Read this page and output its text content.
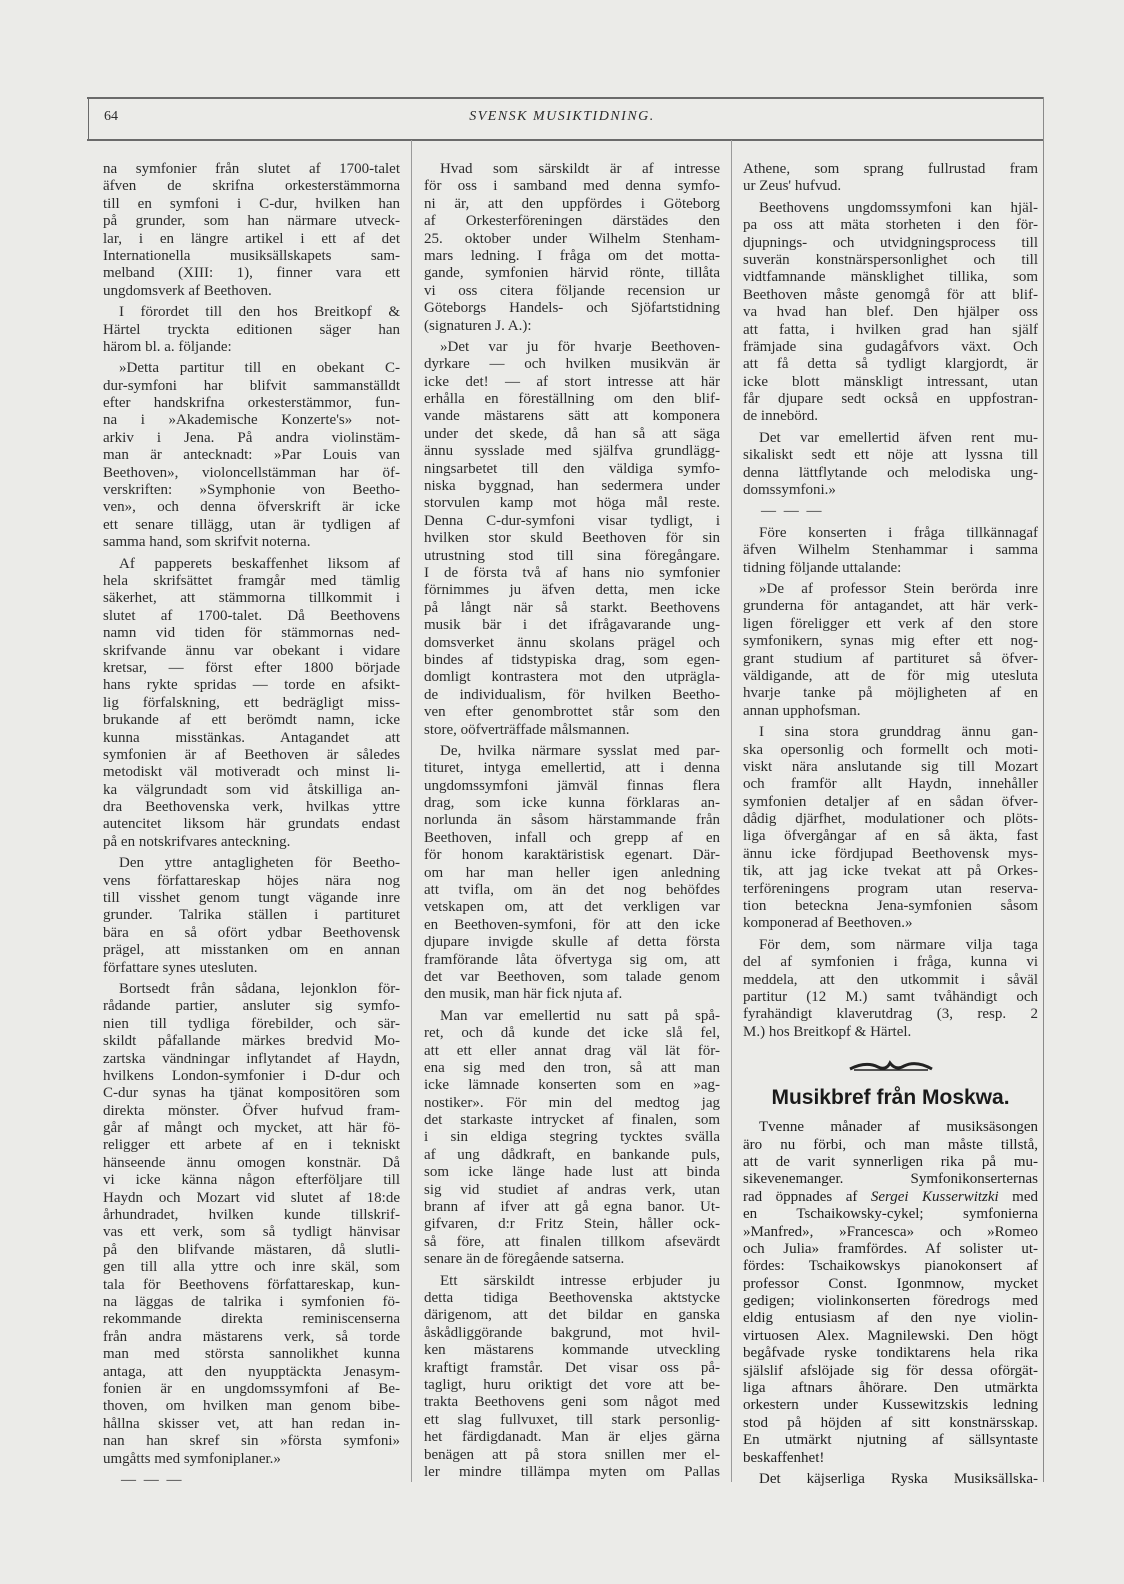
64	SVENSK MUSIKTIDNING.
na symfonier från slutet af 1700-talet
äfven de skrifna orkesterstämmorna
till en symfoni i C-dur, hvilken han
på grunder, som han närmare utveck-
lar, i en längre artikel i ett af det
Internationella musiksällskapets sam-
melband (XIII: 1), finner vara ett
ungdomsverk af Beethoven.
I förordet till den hos Breitkopf &
Härtel tryckta editionen säger han
härom bl. a. följande:
»Detta partitur till en obekant C-
dur-symfoni har blifvit sammanställdt
efter handskrifna orkesterstämmor, fun-
na i »Akademische Konzerte's» not-
arkiv i Jena. På andra violinstäm-
man är antecknadt: »Par Louis van
Beethoven», violoncellstämman har öf-
verskriften: »Symphonie von Beetho-
ven», och denna öfverskrift är icke
ett senare tillägg, utan är tydligen af
samma hand, som skrifvit noterna.
Af papperets beskaffenhet liksom af
hela skrifsättet framgår med tämlig
säkerhet, att stämmorna tillkommit i
slutet af 1700-talet. Då Beethovens
namn vid tiden för stämmornas ned-
skrifvande ännu var obekant i vidare
kretsar, — först efter 1800 började
hans rykte spridas — torde en afsikt-
lig förfalskning, ett bedrägligt miss-
brukande af ett berömdt namn, icke
kunna misstänkas. Antagandet att
symfonien är af Beethoven är således
metodiskt väl motiveradt och minst li-
ka välgrundadt som vid åtskilliga an-
dra Beethovenska verk, hvilkas yttre
autencitet liksom här grundats endast
på en notskrifvares anteckning.
Den yttre antagligheten för Beetho-
vens författareskap höjes nära nog
till visshet genom tungt vägande inre
grunder. Talrika ställen i partituret
bära en så ofört ydbar Beethovensk
prägel, att misstanken om en annan
författare synes utesluten.
Bortsedt från sådana, lejonklon för-
rådande partier, ansluter sig symfo-
nien till tydliga förebilder, och sär-
skildt påfallande märkes bredvid Mo-
zartska vändningar inflytandet af Haydn,
hvilkens London-symfonier i D-dur och
C-dur synas ha tjänat kompositören som
direkta mönster. Öfver hufvud fram-
går af mångt och mycket, att här fö-
religger ett arbete af en i tekniskt
hänseende ännu omogen konstnär. Då
vi icke känna någon efterföljare till
Haydn och Mozart vid slutet af 18:de
århundradet, hvilken kunde tillskrif-
vas ett verk, som så tydligt hänvisar
på den blifvande mästaren, då slutli-
gen till alla yttre och inre skäl, som
tala för Beethovens författareskap, kun-
na läggas de talrika i symfonien fö-
rekommande direkta reminiscenserna
från andra mästarens verk, så torde
man med största sannolikhet kunna
antaga, att den nyupptäckta Jenasym-
fonien är en ungdomssymfoni af Be-
thoven, om hvilken man genom bibe-
hållna skisser vet, att han redan in-
nan han skref sin »första symfoni»
umgåtts med symfoniplaner.»
— — —
Hvad som särskildt är af intresse
för oss i samband med denna symfo-
ni är, att den uppfördes i Göteborg
af Orkesterföreningen därstädes den
25. oktober under Wilhelm Stenham-
mars ledning. I fråga om det motta-
gande, symfonien härvid rönte, tillåta
vi oss citera följande recension ur
Göteborgs Handels- och Sjöfartstidning
(signaturen J. A.):
»Det var ju för hvarje Beethoven-
dyrkare — och hvilken musikvän är
icke det! — af stort intresse att här
erhålla en föreställning om den blif-
vande mästarens sätt att komponera
under det skede, då han så att säga
ännu sysslade med själfva grundlägg-
ningsarbetet till den väldiga symfo-
niska byggnad, han sedermera under
storvulen kamp mot höga mål reste.
Denna C-dur-symfoni visar tydligt, i
hvilken stor skuld Beethoven för sin
utrustning stod till sina föregångare.
I de första två af hans nio symfonier
förnimmes ju äfven detta, men icke
på långt när så starkt. Beethovens
musik bär i det ifrågavarande ung-
domsverket ännu skolans prägel och
bindes af tidstypiska drag, som egen-
domligt kontrastera mot den utprägla-
de individualism, för hvilken Beetho-
ven efter genombrottet står som den
store, oöfverträffade målsmannen.
De, hvilka närmare sysslat med par-
tituret, intyga emellertid, att i denna
ungdomssymfoni jämväl finnas flera
drag, som icke kunna förklaras an-
norlunda än såsom härstammande från
Beethoven, infall och grepp af en
för honom karaktäristisk egenart. Där-
om har man heller igen anledning
att tvifla, om än det nog behöfdes
vetskapen om, att det verkligen var
en Beethoven-symfoni, för att den icke
djupare invigde skulle af detta första
framförande låta öfvertyga sig om, att
det var Beethoven, som talade genom
den musik, man här fick njuta af.
Man var emellertid nu satt på spå-
ret, och då kunde det icke slå fel,
att ett eller annat drag väl lät för-
ena sig med den tron, så att man
icke lämnade konserten som en »ag-
nostiker». För min del medtog jag
det starkaste intrycket af finalen, som
i sin eldiga stegring tycktes svälla
af ung dådkraft, en bankande puls,
som icke länge hade lust att binda
sig vid studiet af andras verk, utan
brann af ifver att gå egna banor. Ut-
gifvaren, d:r Fritz Stein, håller ock-
så före, att finalen tillkom afsevärdt
senare än de föregående satserna.
Ett särskildt intresse erbjuder ju
detta tidiga Beethovenska aktstycke
därigenom, att det bildar en ganska
åskådliggörande bakgrund, mot hvil-
ken mästarens kommande utveckling
kraftigt framstår. Det visar oss på-
tagligt, huru oriktigt det vore att be-
trakta Beethovens geni som något med
ett slag fullvuxet, till stark personlig-
het färdigdanadt. Man är eljes gärna
benägen att på stora snillen mer el-
ler mindre tillämpa myten om Pallas
Athene, som sprang fullrustad fram
ur Zeus' hufvud.
Beethovens ungdomssymfoni kan hjäl-
pa oss att mäta storheten i den för-
djupnings- och utvidgningsprocess till
suverän konstnärspersonlighet och till
vidtfamnande mänsklighet tillika, som
Beethoven måste genomgå för att blif-
va hvad han blef. Den hjälper oss
att fatta, i hvilken grad han själf
främjade sina gudagåfvors växt. Och
att få detta så tydligt klargjordt, är
icke blott mänskligt intressant, utan
får djupare sedt också en uppfostran-
de innebörd.
Det var emellertid äfven rent mu-
sikaliskt sedt ett nöje att lyssna till
denna lättflytande och melodiska ung-
domssymfoni.»
— — —
Före konserten i fråga tillkännagaf
äfven Wilhelm Stenhammar i samma
tidning följande uttalande:
»De af professor Stein berörda inre
grunderna för antagandet, att här verk-
ligen föreligger ett verk af den store
symfonikern, synas mig efter ett nog-
grant studium af partituret så öfver-
väldigande, att de för mig utesluta
hvarje tanke på möjligheten af en
annan upphofsman.
I sina stora grunddrag ännu gan-
ska opersonlig och formellt och moti-
viskt nära anslutande sig till Mozart
och framför allt Haydn, innehåller
symfonien detaljer af en sådan öfver-
dådig djärfhet, modulationer och plöts-
liga öfvergångar af en så äkta, fast
ännu icke fördjupad Beethovensk mys-
tik, att jag icke tvekat att på Orkes-
terföreningens program utan reserva-
tion beteckna Jena-symfonien såsom
komponerad af Beethoven.»
För dem, som närmare vilja taga
del af symfonien i fråga, kunna vi
meddela, att den utkommit i såväl
partitur (12 M.) samt tvåhändigt och
fyrahändigt klaverutdrag (3, resp. 2
M.) hos Breitkopf & Härtel.
Musikbref från Moskwa.
Tvenne månader af musiksäsongen
äro nu förbi, och man måste tillstå,
att de varit synnerligen rika på mu-
sikevenemanger. Symfonikonserternas
rad öppnades af Sergei Kusserwitzki med
en Tschaikowsky-cykel; symfonierna
»Manfred», »Francesca» och »Romeo
och Julia» framfördes. Af solister ut-
fördes: Tschaikowskys pianokonsert af
professor Const. Igonmnow, mycket
gedigen; violinkonserten föredrogs med
eldig entusiasm af den nye violin-
virtuosen Alex. Magnilewski. Den högt
begåfvade ryske tondiktarens hela rika
själslif afslöjade sig för dessa oförgät-
liga aftnars åhörare. Den utmärkta
orkestern under Kussewitzskis ledning
stod på höjden af sitt konstnärsskap.
En utmärkt njutning af sällsyntaste
beskaffenhet!
Det käjserliga Ryska Musiksällska-
